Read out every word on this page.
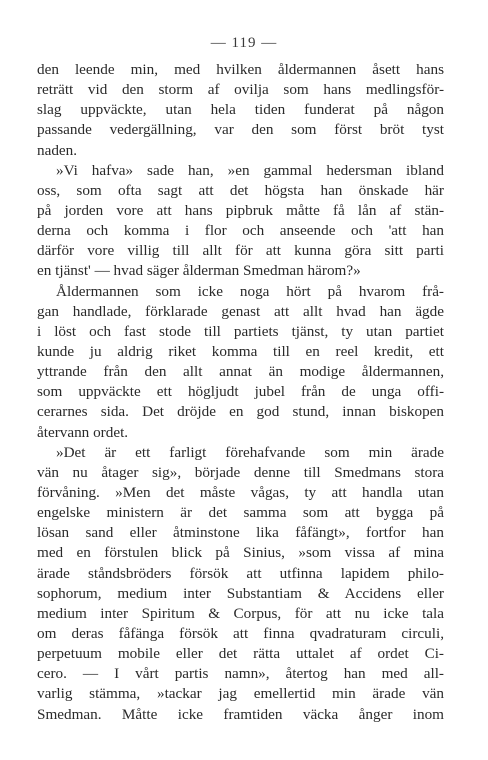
— 119 —
den leende min, med hvilken åldermannen åsett hans
reträtt vid den storm af ovilja som hans medlingsför-
slag uppväckte, utan hela tiden funderat på någon
passande vedergällning, var den som först bröt tyst
naden.
»Vi hafva» sade han, »en gammal hedersman ibland
oss, som ofta sagt att det högsta han önskade här
på jorden vore att hans pipbruk måtte få lån af stän-
derna och komma i flor och anseende och 'att han
därför vore villig till allt för att kunna göra sitt parti
en tjänst' — hvad säger ålderman Smedman härom?»
Åldermannen som icke noga hört på hvarom frå-
gan handlade, förklarade genast att allt hvad han ägde
i löst och fast stode till partiets tjänst, ty utan partiet
kunde ju aldrig riket komma till en reel kredit, ett
yttrande från den allt annat än modige åldermannen,
som uppväckte ett högljudt jubel från de unga offi-
cerarnes sida. Det dröjde en god stund, innan biskopen
återvann ordet.
»Det är ett farligt förehafvande som min ärade
vän nu åtager sig», började denne till Smedmans stora
förvåning. »Men det måste vågas, ty att handla utan
engelske ministern är det samma som att bygga på
lösan sand eller åtminstone lika fåfängt», fortfor han
med en förstulen blick på Sinius, »som vissa af mina
ärade ståndsbröders försök att utfinna lapidem philo-
sophorum, medium inter Substantiam & Accidens eller
medium inter Spiritum & Corpus, för att nu icke tala
om deras fåfänga försök att finna qvadraturam circuli,
perpetuum mobile eller det rätta uttalet af ordet Ci-
cero. — I vårt partis namn», återtog han med all-
varlig stämma, »tackar jag emellertid min ärade vän
Smedman. Måtte icke framtiden väcka ånger inom
